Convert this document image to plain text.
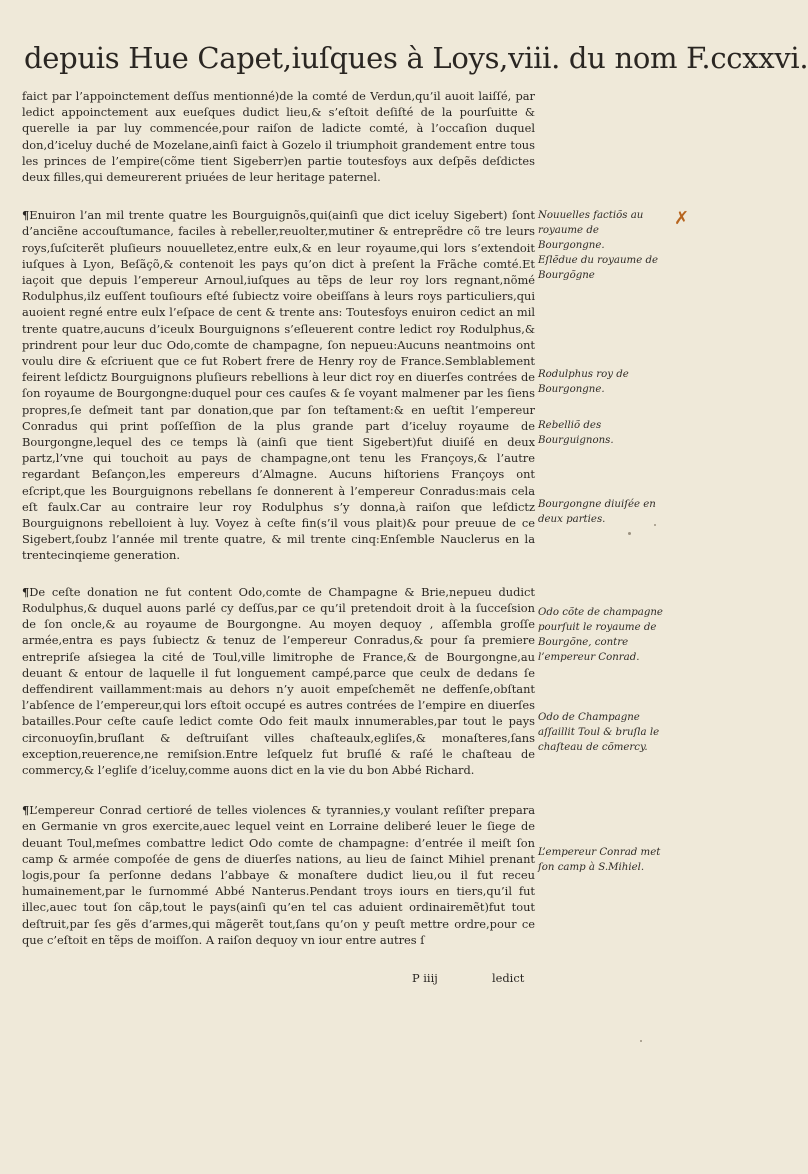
depuis Hue Capet,iuſques à Loys,viii. du nom F.ccxxvi.

faict par l’appoinctement deſſus mentionné)de la comté de Verdun,qu’il auoit laiſſé, par ledict appoinctement aux eueſques dudict lieu,& s’eſtoit deſiſté de la pourſuitte & querelle ia par luy commencée,pour raiſon de ladicte comté, à l’occaſion duquel don,d’iceluy duché de Mozelane,ainſi faict à Gozelo il triumphoit grandement entre tous les princes de l’empire(cõme tient Sigeberr)en partie toutesfoys aux deſpẽs deſdictes deux filles,qui demeurerent priuées de leur heritage paternel.

¶Enuiron l’an mil trente quatre les Bourguignõs,qui(ainſi que dict iceluy Sigebert) ſont d’anciẽne accouſtumance, faciles à rebeller,reuolter,mutiner & entreprẽdre cõ tre leurs roys,ſuſciterẽt pluſieurs nouuelletez,entre eulx,& en leur royaume,qui lors s’extendoit iuſques à Lyon, Beſãçõ,& contenoit les pays qu’on dict à preſent la Frãche comté.Et iaçoit que depuis l’empereur Arnoul,iuſques au tẽps de leur roy lors regnant,nõmé Rodulphus,ilz euſſent touſiours eſté ſubiectz voire obeiſſans à leurs roys particuliers,qui auoient regné entre eulx l’eſpace de cent & trente ans: Toutesfoys enuiron cedict an mil trente quatre,aucuns d’iceulx Bourguignons s’eſleuerent contre ledict roy Rodulphus,& prindrent pour leur duc Odo,comte de champagne, ſon nepueu:Aucuns neantmoins ont voulu dire & eſcriuent que ce fut Robert frere de Henry roy de France.Semblablement feirent leſdictz Bourguignons pluſieurs rebellions à leur dict roy en diuerſes contrées de ſon royaume de Bourgongne:duquel pour ces cauſes & ſe voyant malmener par les ſiens propres,ſe deſmeit tant par donation,que par ſon teſtament:& en ueſtit l’empereur Conradus qui print poſſeſſion de la plus grande part d’iceluy royaume de Bourgongne,lequel des ce temps là (ainſi que tient Sigebert)fut diuiſé en deux partz,l’vne qui touchoit au pays de champagne,ont tenu les Françoys,& l’autre regardant Beſançon,les empereurs d’Almagne. Aucuns hiſtoriens Françoys ont eſcript,que les Bourguignons rebellans ſe donnerent à l’empereur Conradus:mais cela eſt faulx.Car au contraire leur roy Rodulphus s’y donna,à raiſon que leſdictz Bourguignons rebelloient à luy. Voyez à ceſte fin(s’il vous plait)& pour preuue de ce Sigebert,ſoubz l’année mil trente quatre, & mil trente cinq:Enſemble Nauclerus en la trentecinqieme generation.

¶De ceſte donation ne fut content Odo,comte de Champagne & Brie,nepueu dudict Rodulphus,& duquel auons parlé cy deſſus,par ce qu’il pretendoit droit à la ſucceſsion de ſon oncle,& au royaume de Bourgongne. Au moyen dequoy , aſſembla groſſe armée,entra es pays ſubiectz & tenuz de l’empereur Conradus,& pour ſa premiere entrepriſe aſsiegea la cité de Toul,ville limitrophe de France,& de Bourgongne,au deuant & entour de laquelle il fut longuement campé,parce que ceulx de dedans ſe deffendirent vaillamment:mais au dehors n’y auoit empeſchemẽt ne deffenſe,obſtant l’abſence de l’empereur,qui lors eſtoit occupé es autres contrées de l’empire en diuerſes batailles.Pour ceſte cauſe ledict comte Odo feit maulx innumerables,par tout le pays circonuoyſin,bruſlant & deſtruiſant villes chaſteaulx,egliſes,& monaſteres,ſans exception,reuerence,ne remiſsion.Entre leſquelz fut bruſlé & raſé le chaſteau de commercy,& l’egliſe d’iceluy,comme auons dict en la vie du bon Abbé Richard.

¶L’empereur Conrad certioré de telles violences & tyrannies,y voulant reſiſter prepara en Germanie vn gros exercite,auec lequel veint en Lorraine deliberé leuer le ſiege de deuant Toul,meſmes combattre ledict Odo comte de champagne: d’entrée il meiſt ſon camp & armée compoſée de gens de diuerſes nations, au lieu de ſainct Mihiel prenant logis,pour ſa perſonne dedans l’abbaye & monaſtere dudict lieu,ou il fut receu humainement,par le ſurnommé Abbé Nanterus.Pendant troys iours en tiers,qu’il fut illec,auec tout ſon cãp,tout le pays(ainſi qu’en tel cas aduient ordinairemẽt)fut tout deſtruit,par ſes gẽs d’armes,qui mãgerẽt tout,ſans qu’on y peuſt mettre ordre,pour ce que c’eſtoit en tẽps de moiſſon. A raiſon dequoy vn iour entre autres ſ

Nouuelles factiõs au royaume de Bourgongne.
Eſlẽdue du royaume de Bourgõgne
Rodulphus roy de Bourgongne.
Rebelliõ des Bourguignons.
Bourgongne diuiſée en deux parties.
Odo cõte de champagne pourſuit le royaume de Bourgõne, contre l’empereur Conrad.
Odo de Champagne aſſaillit Toul & bruſla le chaſteau de cõmercy.
L’empereur Conrad met ſon camp à S.Mihiel.
✗
P iiij	ledict
